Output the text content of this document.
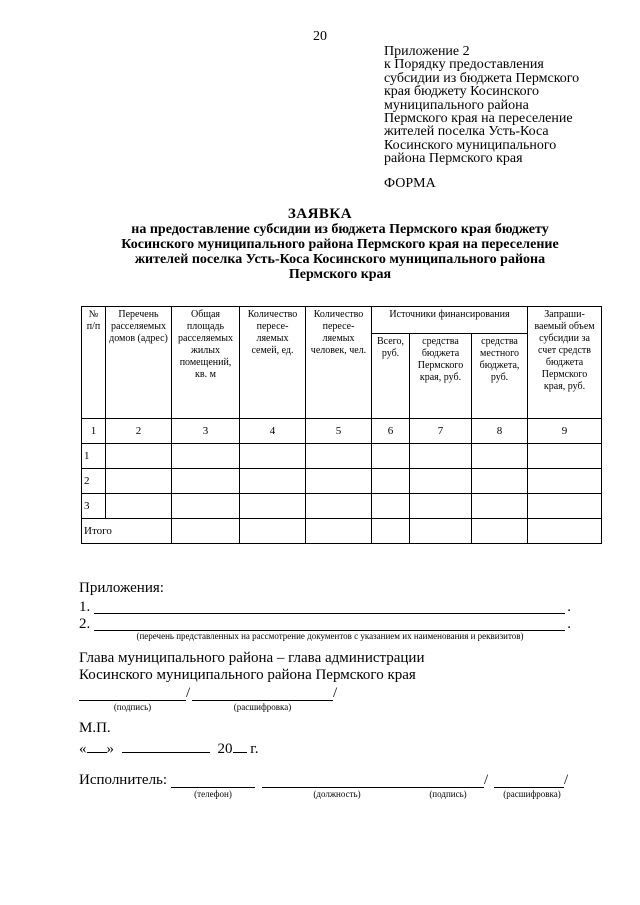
20
Приложение 2
к Порядку предоставления
субсидии из бюджета Пермского
края бюджету Косинского
муниципального района
Пермского края на переселение
жителей поселка Усть-Коса
Косинского муниципального
района Пермского края
ФОРМА
ЗАЯВКА
на предоставление субсидии из бюджета Пермского края бюджету
Косинского муниципального района Пермского края на переселение
жителей поселка Усть-Коса Косинского муниципального района
Пермского края
№ п/п	Перечень расселяемых домов (адрес)	Общая площадь расселяемых жилых помещений, кв. м	Количество пересе-ляемых семей, ед.	Количество пересе-ляемых человек, чел.	Источники финансирования			Запраши-ваемый объем субсидии за счет средств бюджета Пермского края, руб.
					Всего, руб.	средства бюджета Пермского края, руб.	средства местного бюджета, руб.	
1	2	3	4	5	6	7	8	9
1								
2								
3								
Итого								
Приложения:
1.	.
2.	.
(перечень представленных на рассмотрение документов с указанием их наименования и реквизитов)
Глава муниципального района – глава администрации
Косинского муниципального района Пермского края
/	/
(подпись)	(расшифровка)
М.П.
« »	20 г.
Исполнитель:	/	/
(телефон)	(должность)	(подпись)	(расшифровка)
